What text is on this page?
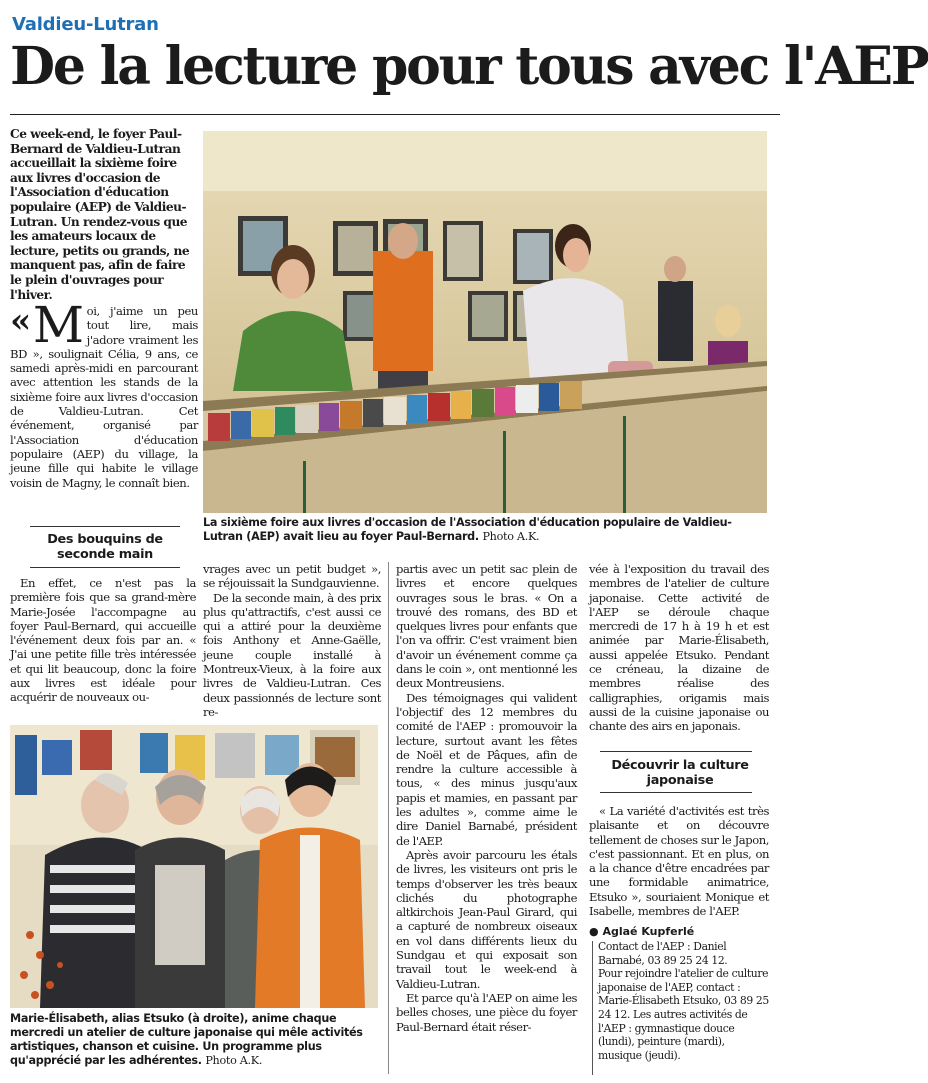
Valdieu-Lutran
De la lecture pour tous avec l'AEP
Ce week-end, le foyer Paul-Bernard de Valdieu-Lutran accueillait la sixième foire aux livres d'occasion de l'Association d'éducation populaire (AEP) de Valdieu-Lutran. Un rendez-vous que les amateurs locaux de lecture, petits ou grands, ne manquent pas, afin de faire le plein d'ouvrages pour l'hiver.
« M oi, j'aime un peu tout lire, mais j'adore vraiment les BD », soulignait Célia, 9 ans, ce samedi après-midi en parcourant avec attention les stands de la sixième foire aux livres d'occasion de Valdieu-Lutran. Cet événement, organisé par l'Association d'éducation populaire (AEP) du village, la jeune fille qui habite le village voisin de Magny, le connaît bien.
La sixième foire aux livres d'occasion de l'Association d'éducation populaire de Valdieu-Lutran (AEP) avait lieu au foyer Paul-Bernard. Photo A.K.
Des bouquins de seconde main

En effet, ce n'est pas la première fois que sa grand-mère Marie-Josée l'accompagne au foyer Paul-Bernard, qui accueille l'événement deux fois par an. « J'ai une petite fille très intéressée et qui lit beaucoup, donc la foire aux livres est idéale pour acquérir de nouveaux ou-

vrages avec un petit budget », se réjouissait la Sundgauvienne.

De la seconde main, à des prix plus qu'attractifs, c'est aussi ce qui a attiré pour la deuxième fois Anthony et Anne-Gaëlle, jeune couple installé à Montreux-Vieux, à la foire aux livres de Valdieu-Lutran. Ces deux passionnés de lecture sont re-

partis avec un petit sac plein de livres et encore quelques ouvrages sous le bras. « On a trouvé des romans, des BD et quelques livres pour enfants que l'on va offrir. C'est vraiment bien d'avoir un événement comme ça dans le coin », ont mentionné les deux Montreusiens.

Des témoignages qui valident l'objectif des 12 membres du comité de l'AEP : promouvoir la lecture, surtout avant les fêtes de Noël et de Pâques, afin de rendre la culture accessible à tous, « des minus jusqu'aux papis et mamies, en passant par les adultes », comme aime le dire Daniel Barnabé, président de l'AEP.

Après avoir parcouru les étals de livres, les visiteurs ont pris le temps d'observer les très beaux clichés du photographe altkirchois Jean-Paul Girard, qui a capturé de nombreux oiseaux en vol dans différents lieux du Sundgau et qui exposait son travail tout le week-end à Valdieu-Lutran.

Et parce qu'à l'AEP on aime les belles choses, une pièce du foyer Paul-Bernard était réser-

vée à l'exposition du travail des membres de l'atelier de culture japonaise. Cette activité de l'AEP se déroule chaque mercredi de 17 h à 19 h et est animée par Marie-Élisabeth, aussi appelée Etsuko. Pendant ce créneau, la dizaine de membres réalise des calligraphies, origamis mais aussi de la cuisine japonaise ou chante des airs en japonais.

Découvrir la culture japonaise

« La variété d'activités est très plaisante et on découvre tellement de choses sur le Japon, c'est passionnant. Et en plus, on a la chance d'être encadrées par une formidable animatrice, Etsuko », souriaient Monique et Isabelle, membres de l'AEP.

● Aglaé Kupferlé
Contact de l'AEP : Daniel Barnabé, 03 89 25 24 12.
Pour rejoindre l'atelier de culture japonaise de l'AEP, contact : Marie-Élisabeth Etsuko, 03 89 25 24 12. Les autres activités de l'AEP : gymnastique douce (lundi), peinture (mardi), musique (jeudi).
Marie-Élisabeth, alias Etsuko (à droite), anime chaque mercredi un atelier de culture japonaise qui mêle activités artistiques, chanson et cuisine. Un programme plus qu'apprécié par les adhérentes. Photo A.K.
